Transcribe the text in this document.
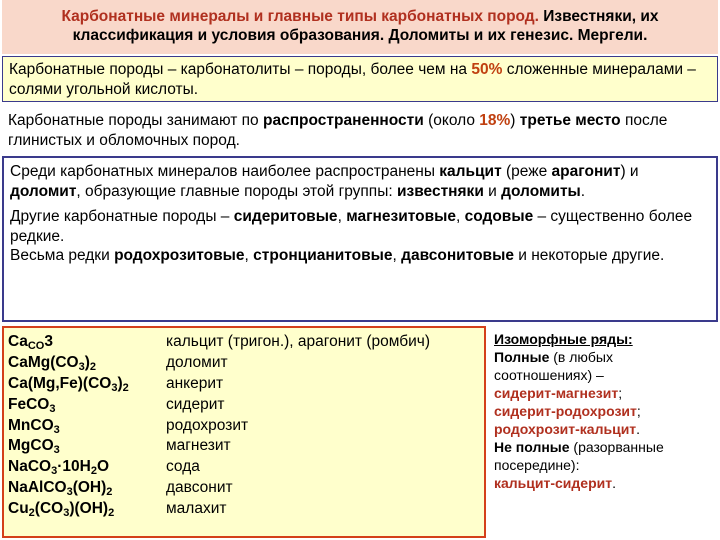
Карбонатные минералы и главные типы карбонатных пород. Известняки, их классификация и условия образования. Доломиты и их генезис. Мергели.
Карбонатные породы – карбонатолиты – породы, более чем на 50% сложенные минералами – солями угольной кислоты.
Карбонатные породы занимают по распространенности (около 18%) третье место после глинистых и обломочных пород.

Среди карбонатных минералов наиболее распространены кальцит (реже арагонит) и доломит, образующие главные породы этой группы: известняки и доломиты.

Другие карбонатные породы – сидеритовые, магнезитовые, содовые – существенно более редкие.

Весьма редки родохрозитовые, стронцианитовые, давсонитовые и некоторые другие.

$Ca_{CO}3$	кальцит (тригон.), арагонит (ромбич)
$CaMg(CO_3)_2$	доломит
$Ca(Mg,Fe)(CO_3)_2$	анкерит
FeCO$_3$	сидерит
MnCO$_3$	родохрозит
MgCO$_3$	магнезит
$NaCO_3\cdot 10H_2O$	сода
$NaAlCO_3(OH)_2$	давсонит
$Cu_2(CO_3)(OH)_2$	малахит
Изоморфные ряды:
Полные (в любых соотношениях) –
сидерит-магнезит;
сидерит-родохрозит;
родохрозит-кальцит.
Не полные (разорванные посередине):
кальцит-сидерит.
